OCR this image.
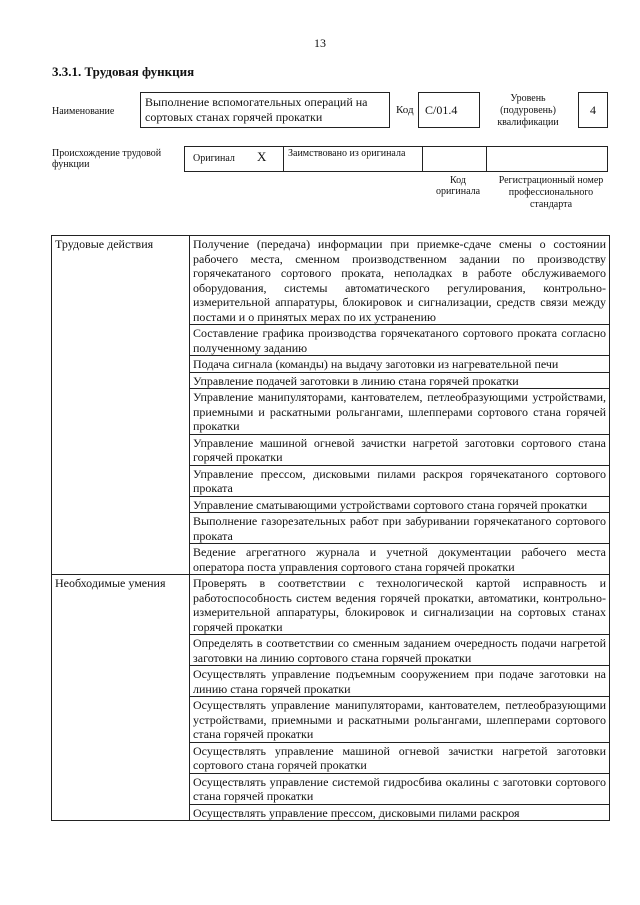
13
3.3.1. Трудовая функция
Наименование
Выполнение вспомогательных операций на сортовых станах горячей прокатки	Код C/01.4
Уровень (подуровень) квалификации
4
Происхождение трудовой функции
Оригинал X	Заимствовано из оригинала
Код оригинала
Регистрационный номер профессионального стандарта
Трудовые действия	Получение (передача) информации при приемке-сдаче смены о состоянии рабочего места, сменном производственном задании по производству горячекатаного сортового проката, неполадках в работе обслуживаемого оборудования, системы автоматического регулирования, контрольно-измерительной аппаратуры, блокировок и сигнализации, средств связи между постами и о принятых мерах по их устранению
	Составление графика производства горячекатаного сортового проката согласно полученному заданию
	Подача сигнала (команды) на выдачу заготовки из нагревательной печи
	Управление подачей заготовки в линию стана горячей прокатки
	Управление манипуляторами, кантователем, петлеобразующими устройствами, приемными и раскатными рольгангами, шлепперами сортового стана горячей прокатки
	Управление машиной огневой зачистки нагретой заготовки сортового стана горячей прокатки
	Управление прессом, дисковыми пилами раскроя горячекатаного сортового проката
	Управление сматывающими устройствами сортового стана горячей прокатки
	Выполнение газорезательных работ при забуривании горячекатаного сортового проката
	Ведение агрегатного журнала и учетной документации рабочего места оператора поста управления сортового стана горячей прокатки
Необходимые умения	Проверять в соответствии с технологической картой исправность и работоспособность систем ведения горячей прокатки, автоматики, контрольно-измерительной аппаратуры, блокировок и сигнализации на сортовых станах горячей прокатки
	Определять в соответствии со сменным заданием очередность подачи нагретой заготовки на линию сортового стана горячей прокатки
	Осуществлять управление подъемным сооружением при подаче заготовки на линию стана горячей прокатки
	Осуществлять управление манипуляторами, кантователем, петлеобразующими устройствами, приемными и раскатными рольгангами, шлепперами сортового стана горячей прокатки
	Осуществлять управление машиной огневой зачистки нагретой заготовки сортового стана горячей прокатки
	Осуществлять управление системой гидросбива окалины с заготовки сортового стана горячей прокатки
	Осуществлять управление прессом, дисковыми пилами раскроя
